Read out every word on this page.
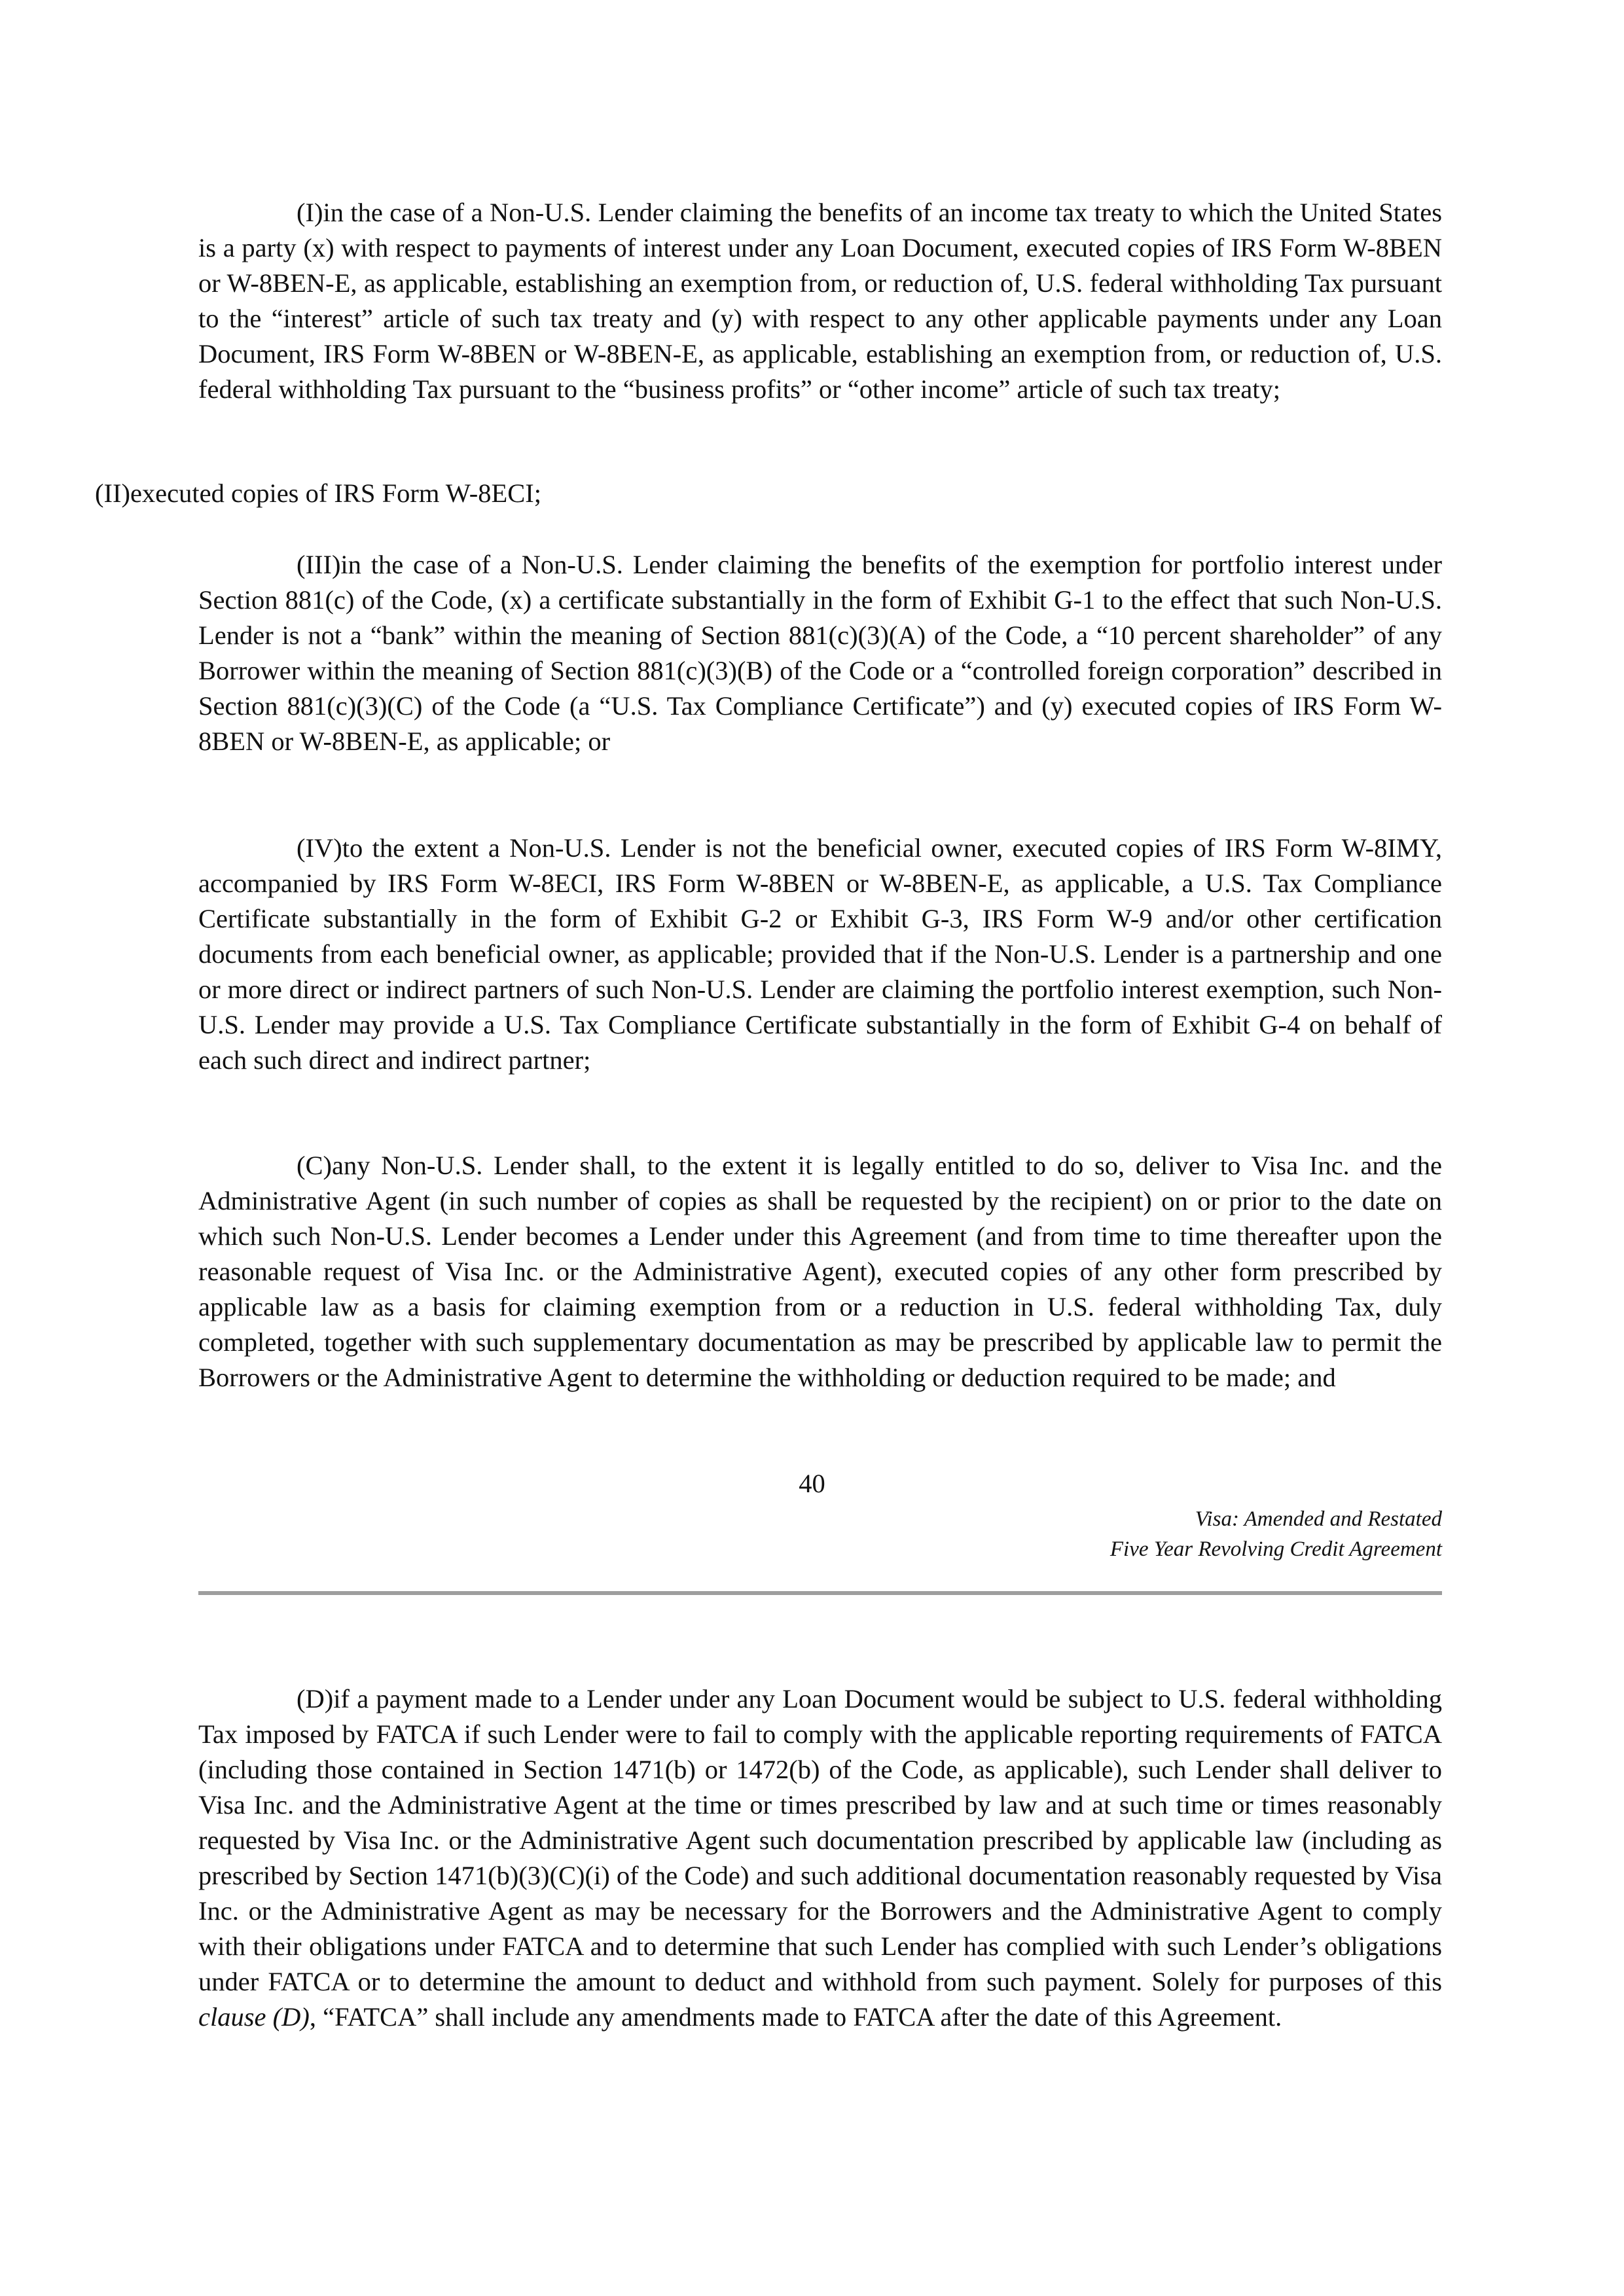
(I)in the case of a Non-U.S. Lender claiming the benefits of an income tax treaty to which the United States is a party (x) with respect to payments of interest under any Loan Document, executed copies of IRS Form W-8BEN or W-8BEN-E, as applicable, establishing an exemption from, or reduction of, U.S. federal withholding Tax pursuant to the “interest” article of such tax treaty and (y) with respect to any other applicable payments under any Loan Document, IRS Form W-8BEN or W-8BEN-E, as applicable, establishing an exemption from, or reduction of, U.S. federal withholding Tax pursuant to the “business profits” or “other income” article of such tax treaty;

(II)executed copies of IRS Form W-8ECI;

(III)in the case of a Non-U.S. Lender claiming the benefits of the exemption for portfolio interest under Section 881(c) of the Code, (x) a certificate substantially in the form of Exhibit G-1 to the effect that such Non-U.S. Lender is not a “bank” within the meaning of Section 881(c)(3)(A) of the Code, a “10 percent shareholder” of any Borrower within the meaning of Section 881(c)(3)(B) of the Code or a “controlled foreign corporation” described in Section 881(c)(3)(C) of the Code (a “U.S. Tax Compliance Certificate”) and (y) executed copies of IRS Form W-8BEN or W-8BEN-E, as applicable; or

(IV)to the extent a Non-U.S. Lender is not the beneficial owner, executed copies of IRS Form W-8IMY, accompanied by IRS Form W-8ECI, IRS Form W-8BEN or W-8BEN-E, as applicable, a U.S. Tax Compliance Certificate substantially in the form of Exhibit G-2 or Exhibit G-3, IRS Form W-9 and/or other certification documents from each beneficial owner, as applicable; provided that if the Non-U.S. Lender is a partnership and one or more direct or indirect partners of such Non-U.S. Lender are claiming the portfolio interest exemption, such Non-U.S. Lender may provide a U.S. Tax Compliance Certificate substantially in the form of Exhibit G-4 on behalf of each such direct and indirect partner;

(C)any Non-U.S. Lender shall, to the extent it is legally entitled to do so, deliver to Visa Inc. and the Administrative Agent (in such number of copies as shall be requested by the recipient) on or prior to the date on which such Non-U.S. Lender becomes a Lender under this Agreement (and from time to time thereafter upon the reasonable request of Visa Inc. or the Administrative Agent), executed copies of any other form prescribed by applicable law as a basis for claiming exemption from or a reduction in U.S. federal withholding Tax, duly completed, together with such supplementary documentation as may be prescribed by applicable law to permit the Borrowers or the Administrative Agent to determine the withholding or deduction required to be made; and

40

Visa: Amended and Restated
Five Year Revolving Credit Agreement

(D)if a payment made to a Lender under any Loan Document would be subject to U.S. federal withholding Tax imposed by FATCA if such Lender were to fail to comply with the applicable reporting requirements of FATCA (including those contained in Section 1471(b) or 1472(b) of the Code, as applicable), such Lender shall deliver to Visa Inc. and the Administrative Agent at the time or times prescribed by law and at such time or times reasonably requested by Visa Inc. or the Administrative Agent such documentation prescribed by applicable law (including as prescribed by Section 1471(b)(3)(C)(i) of the Code) and such additional documentation reasonably requested by Visa Inc. or the Administrative Agent as may be necessary for the Borrowers and the Administrative Agent to comply with their obligations under FATCA and to determine that such Lender has complied with such Lender’s obligations under FATCA or to determine the amount to deduct and withhold from such payment. Solely for purposes of this clause (D), “FATCA” shall include any amendments made to FATCA after the date of this Agreement.
